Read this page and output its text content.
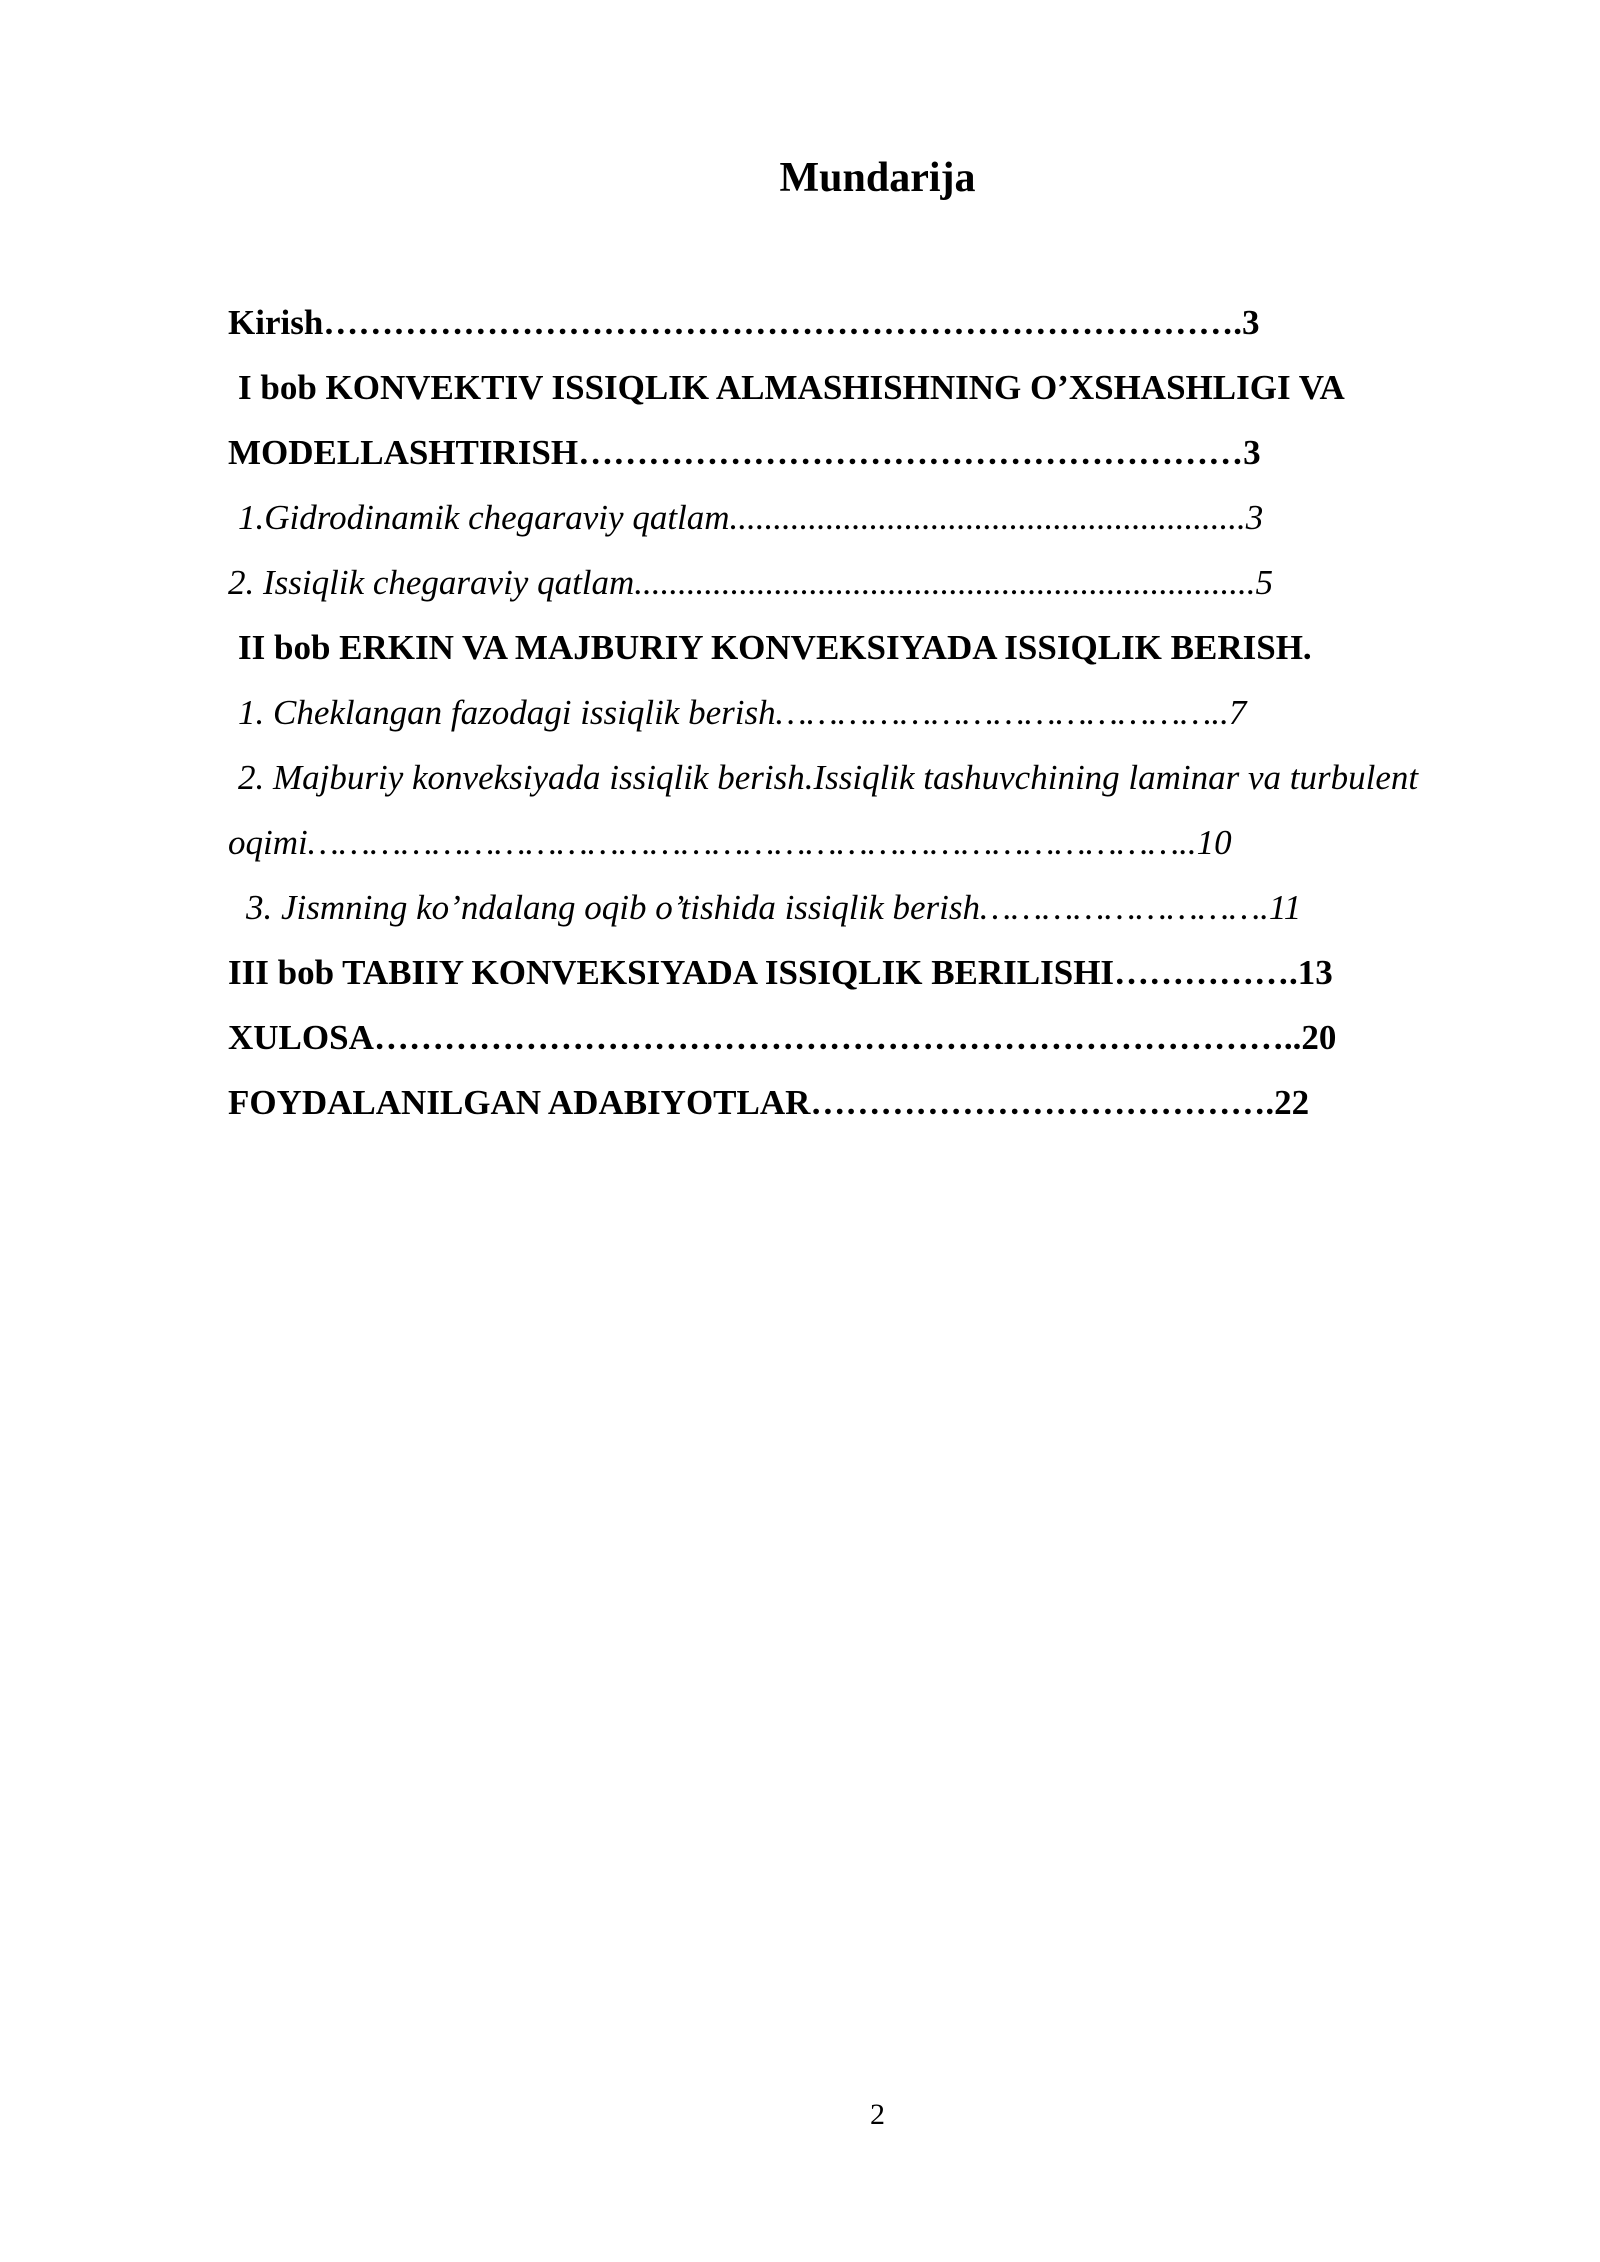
Mundarija
Kirish…………………………………………………………………….3
I bob KONVEKTIV ISSIQLIK ALMASHISHNING O’XSHASHLIGI VA
MODELLASHTIRISH…………………………………………………3
1.Gidrodinamik chegaraviy qatlam...........................................................3
2. Issiqlik chegaraviy qatlam.......................................................................5
II bob ERKIN VA MAJBURIY KONVEKSIYADA ISSIQLIK BERISH.
1. Cheklangan fazodagi issiqlik berish……………………………………..7
2. Majburiy konveksiyada issiqlik berish.Issiqlik tashuvchining laminar va turbulent
oqimi…………………………………………………………………………..10
3. Jismning ko’ndalang oqib o’tishida issiqlik berish……………………….11
III bob TABIIY KONVEKSIYADA ISSIQLIK BERILISHI…………….13
XULOSA……………………………………………………………………..20
FOYDALANILGAN ADABIYOTLAR………………………………….22
2
